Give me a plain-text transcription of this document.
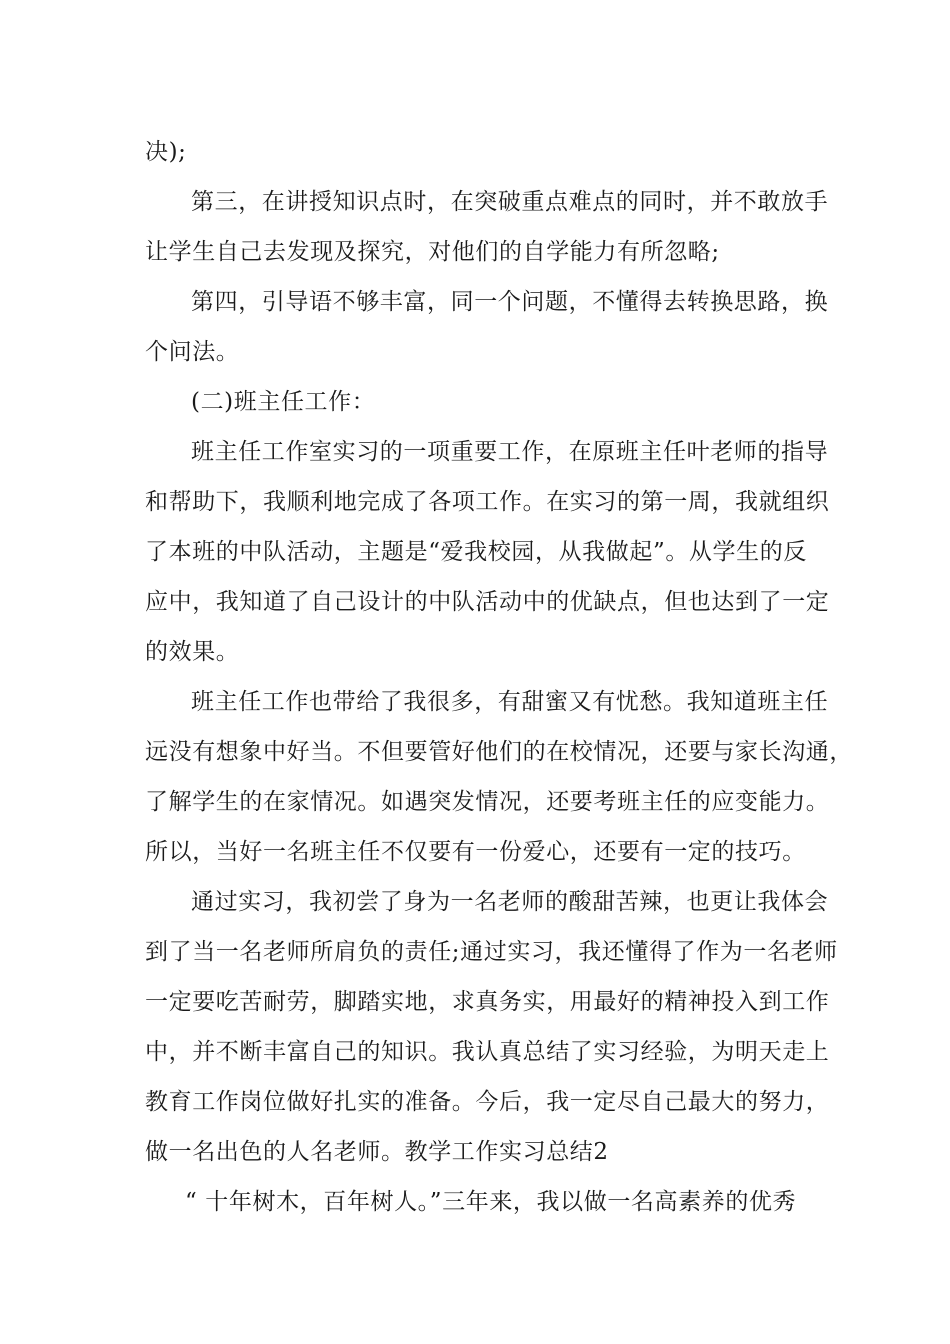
决);
第三，在讲授知识点时，在突破重点难点的同时，并不敢放手
让学生自己去发现及探究，对他们的自学能力有所忽略;
第四，引导语不够丰富，同一个问题，不懂得去转换思路，换
个问法。
(二)班主任工作：
班主任工作室实习的一项重要工作，在原班主任叶老师的指导
和帮助下，我顺利地完成了各项工作。在实习的第一周，我就组织
了本班的中队活动，主题是“爱我校园，从我做起”。从学生的反
应中，我知道了自己设计的中队活动中的优缺点，但也达到了一定
的效果。
班主任工作也带给了我很多，有甜蜜又有忧愁。我知道班主任
远没有想象中好当。不但要管好他们的在校情况，还要与家长沟通，
了解学生的在家情况。如遇突发情况，还要考班主任的应变能力。
所以，当好一名班主任不仅要有一份爱心，还要有一定的技巧。
通过实习，我初尝了身为一名老师的酸甜苦辣，也更让我体会
到了当一名老师所肩负的责任;通过实习，我还懂得了作为一名老师
一定要吃苦耐劳，脚踏实地，求真务实，用最好的精神投入到工作
中，并不断丰富自己的知识。我认真总结了实习经验，为明天走上
教育工作岗位做好扎实的准备。今后，我一定尽自己最大的努力，
做一名出色的人名老师。教学工作实习总结2
“ 十年树木，百年树人。”三年来，我以做一名高素养的优秀
